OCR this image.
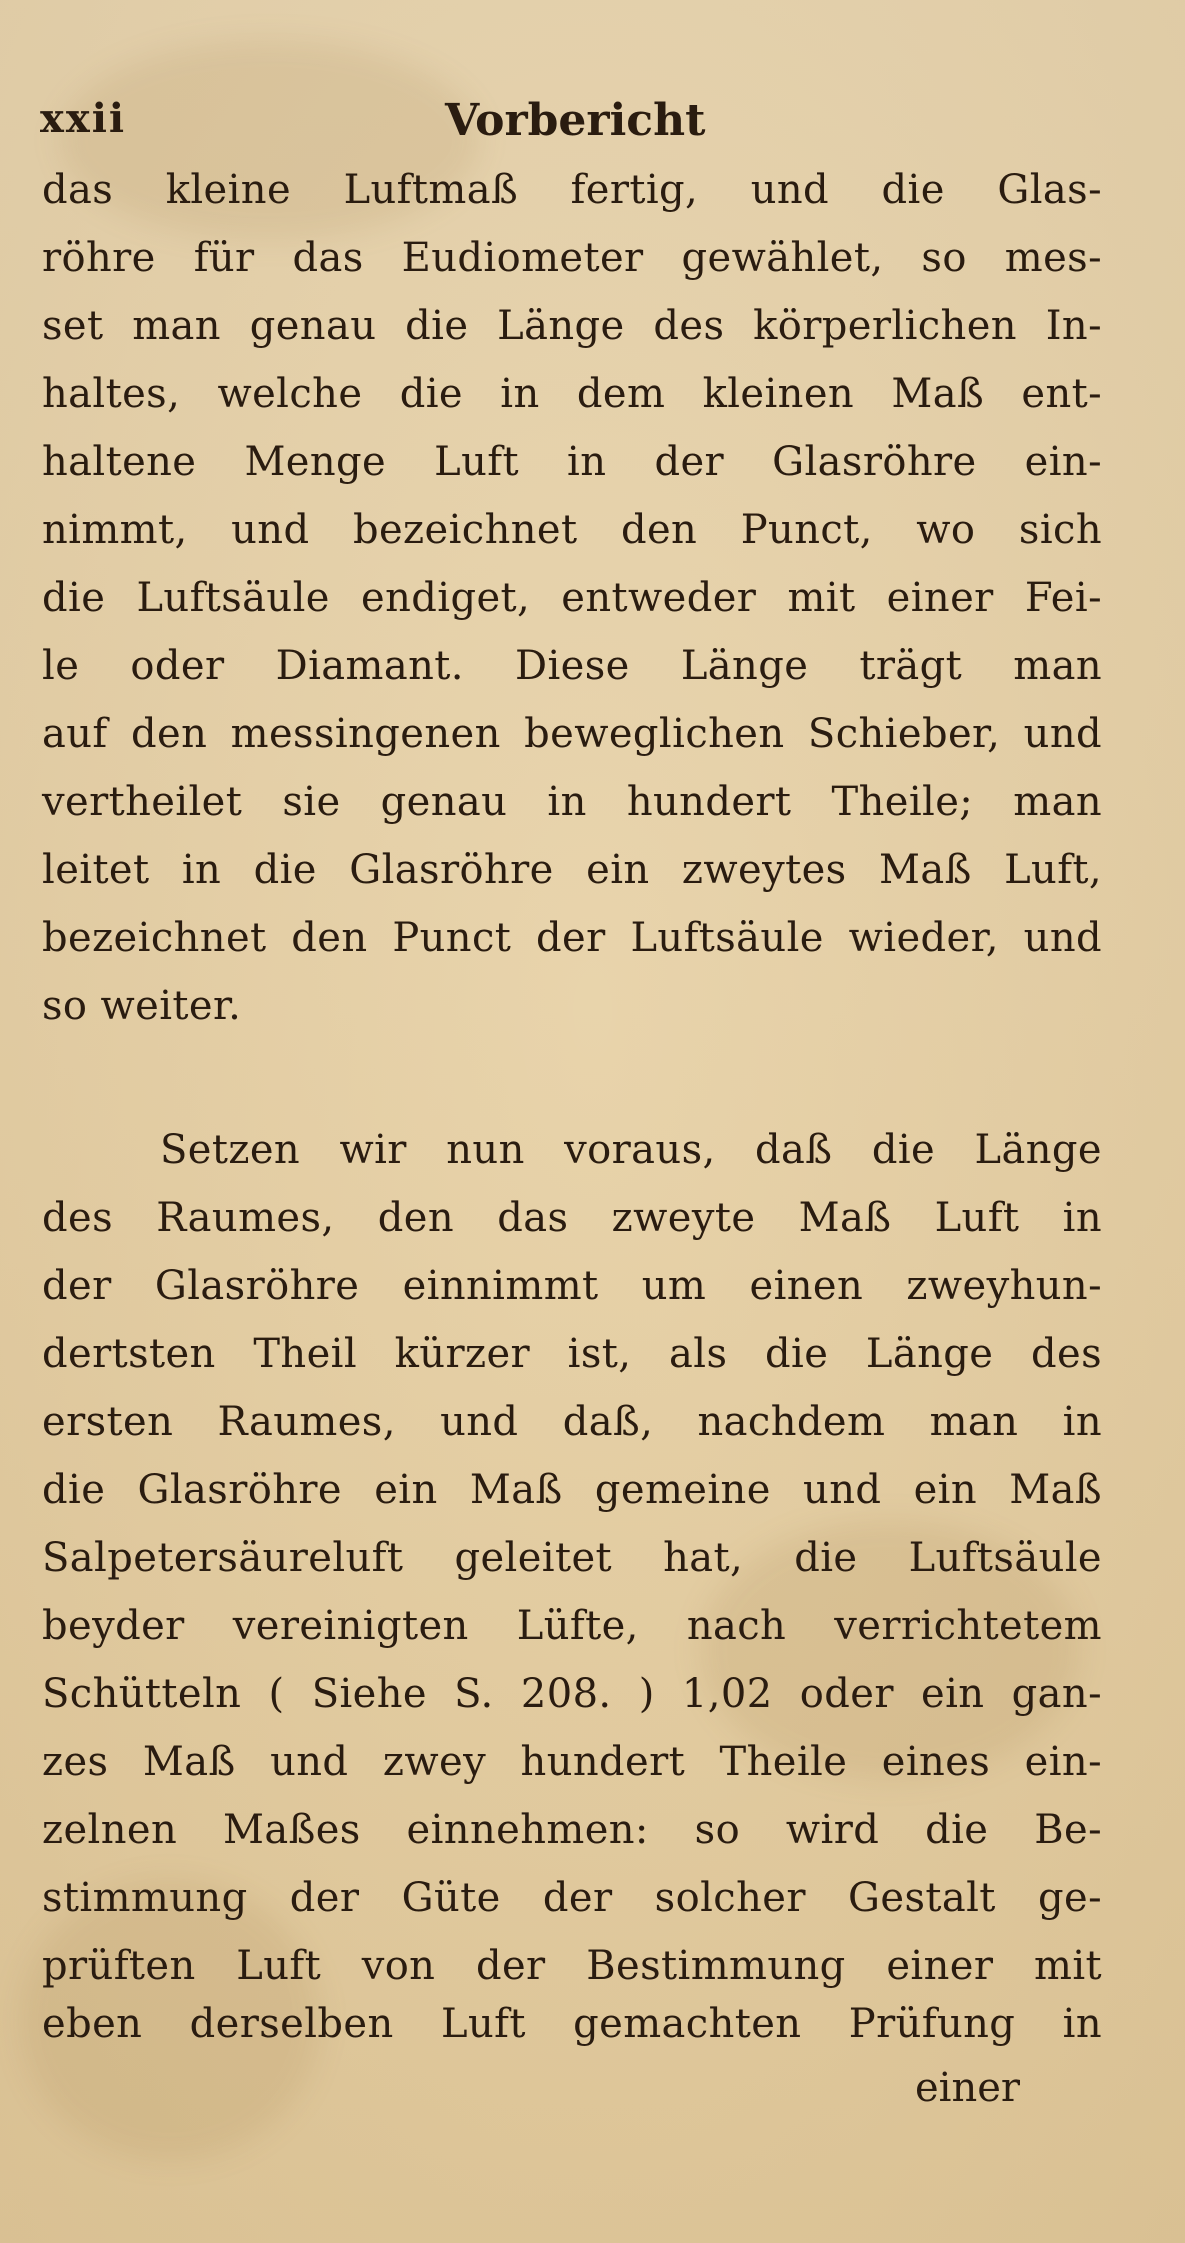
xxii	Vorbericht
das kleine Luftmaß fertig, und die Glas-
röhre für das Eudiometer gewählet, so mes-
set man genau die Länge des körperlichen In-
haltes, welche die in dem kleinen Maß ent-
haltene Menge Luft in der Glasröhre ein-
nimmt, und bezeichnet den Punct, wo sich
die Luftsäule endiget, entweder mit einer Fei-
le oder Diamant. Diese Länge trägt man
auf den messingenen beweglichen Schieber, und
vertheilet sie genau in hundert Theile; man
leitet in die Glasröhre ein zweytes Maß Luft,
bezeichnet den Punct der Luftsäule wieder, und
so weiter.
Setzen wir nun voraus, daß die Länge
des Raumes, den das zweyte Maß Luft in
der Glasröhre einnimmt um einen zweyhun-
dertsten Theil kürzer ist, als die Länge des
ersten Raumes, und daß, nachdem man in
die Glasröhre ein Maß gemeine und ein Maß
Salpetersäureluft geleitet hat, die Luftsäule
beyder vereinigten Lüfte, nach verrichtetem
Schütteln ( Siehe S. 208. ) 1,02 oder ein gan-
zes Maß und zwey hundert Theile eines ein-
zelnen Maßes einnehmen: so wird die Be-
stimmung der Güte der solcher Gestalt ge-
prüften Luft von der Bestimmung einer mit
eben derselben Luft gemachten Prüfung in
einer
